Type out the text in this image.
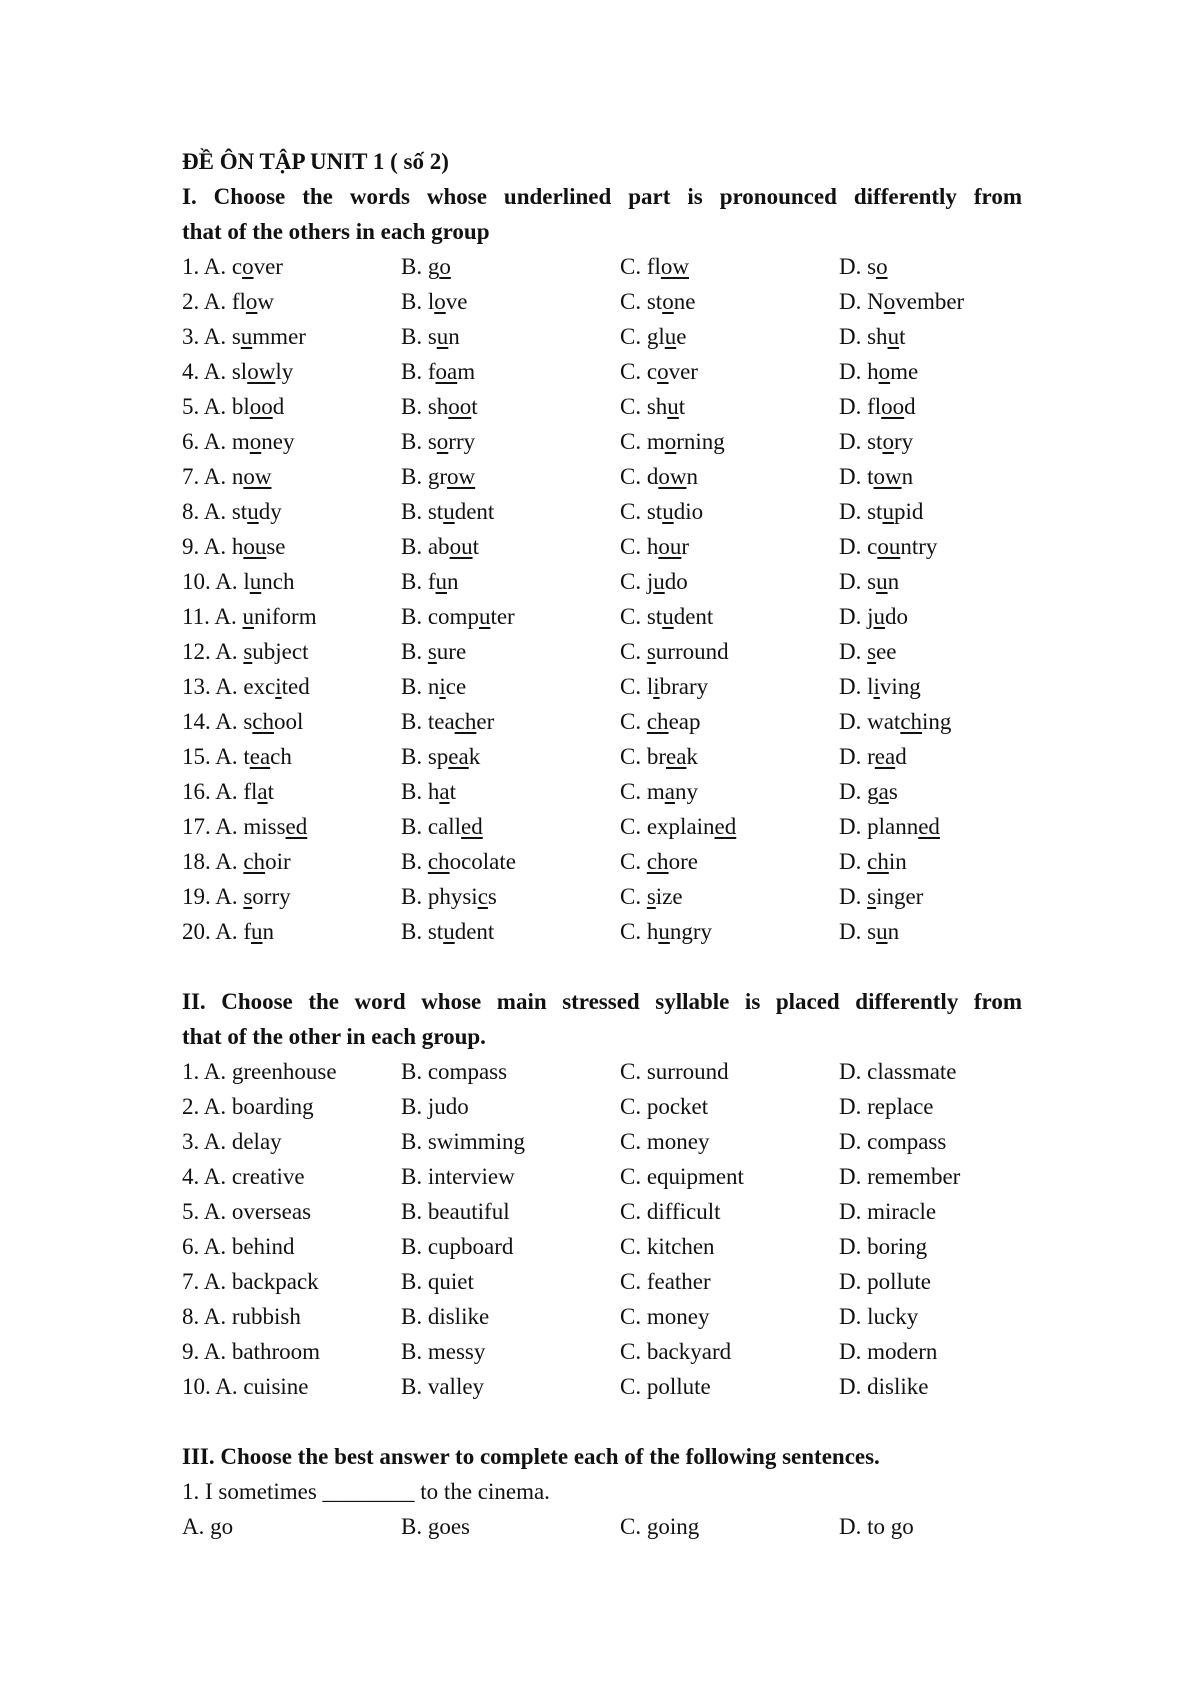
ĐỀ ÔN TẬP UNIT 1 ( số 2)
I. Choose the words whose underlined part is pronounced differently from
that of the others in each group
1. A. cover	B. go	C. flow	D. so
2. A. flow	B. love	C. stone	D. November
3. A. summer	B. sun	C. glue	D. shut
4. A. slowly	B. foam	C. cover	D. home
5. A. blood	B. shoot	C. shut	D. flood
6. A. money	B. sorry	C. morning	D. story
7. A. now	B. grow	C. down	D. town
8. A. study	B. student	C. studio	D. stupid
9. A. house	B. about	C. hour	D. country
10. A. lunch	B. fun	C. judo	D. sun
11. A. uniform	B. computer	C. student	D. judo
12. A. subject	B. sure	C. surround	D. see
13. A. excited	B. nice	C. library	D. living
14. A. school	B. teacher	C. cheap	D. watching
15. A. teach	B. speak	C. break	D. read
16. A. flat	B. hat	C. many	D. gas
17. A. missed	B. called	C. explained	D. planned
18. A. choir	B. chocolate	C. chore	D. chin
19. A. sorry	B. physics	C. size	D. singer
20. A. fun	B. student	C. hungry	D. sun
II. Choose the word whose main stressed syllable is placed differently from
that of the other in each group.
1. A. greenhouse	B. compass	C. surround	D. classmate
2. A. boarding	B. judo	C. pocket	D. replace
3. A. delay	B. swimming	C. money	D. compass
4. A. creative	B. interview	C. equipment	D. remember
5. A. overseas	B. beautiful	C. difficult	D. miracle
6. A. behind	B. cupboard	C. kitchen	D. boring
7. A. backpack	B. quiet	C. feather	D. pollute
8. A. rubbish	B. dislike	C. money	D. lucky
9. A. bathroom	B. messy	C. backyard	D. modern
10. A. cuisine	B. valley	C. pollute	D. dislike
III. Choose the best answer to complete each of the following sentences.
1. I sometimes ________ to the cinema.
A. go	B. goes	C. going	D. to go
